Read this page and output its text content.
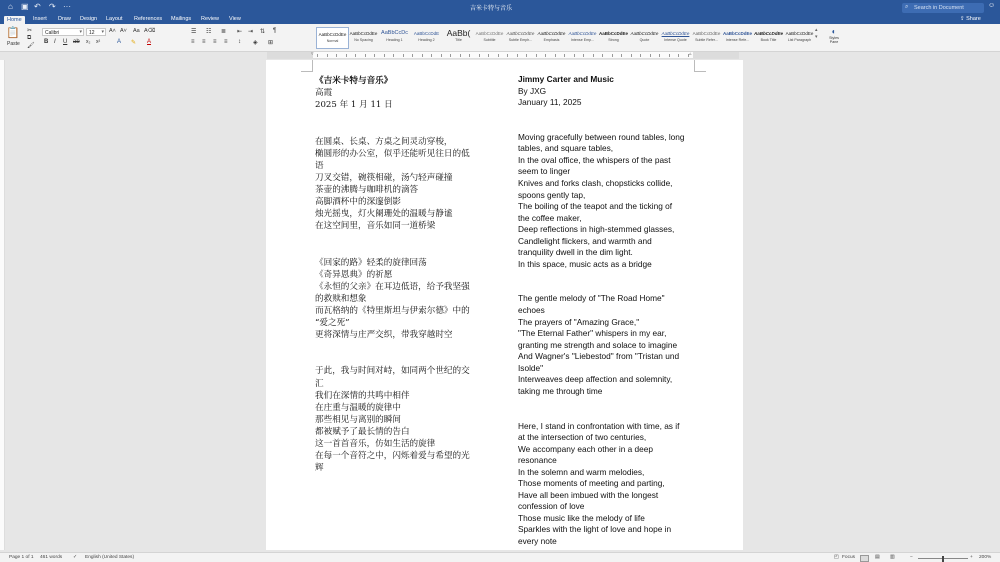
⌂ ▣ ↶ ↷ ···	吉米卡特与音乐	⌕ Search in Document	☺
Home	Insert Draw Design Layout References Mailings Review View	⇪ Share
📋
Paste
✂
⧉
🖌
Calibri	▾	12 ▾ A˄ A˅ Aa A⌫
B I U ab x₂ x²	A ✎ A
☰ ☷ ≣ ⇤ ⇥ ⇅ ¶
≡ ≡ ≡ ≡ ↕ ◈ ⊞
AaBbCcDdEe
Normal
AaBbCcDdEe
No Spacing
AaBbCcDc
Heading 1
AaBbCcDdE
Heading 2
AaBb(
Title
AaBbCcDdEe
Subtitle
AaBbCcDdEe
Subtle Emph...
AaBbCcDdEe
Emphasis
AaBbCcDdEe
Intense Emp...
AaBbCcDdEe
Strong
AaBbCcDdEe
Quote
AaBbCcDdEe
Intense Quote
AaBbCcDdEe
Subtle Refer...
AaBbCcDdEe
Intense Refe...
AaBbCcDdEe
Book Title
AaBbCcDdEe
List Paragraph
▴
▾
◐
Styles Pane
▿	▵
《吉米卡特与音乐》
高霞
2025 年 1 月 11 日
在圆桌、长桌、方桌之间灵动穿梭，
椭圆形的办公室，似乎还能听见往日的低
语
刀叉交错，碗筷相碰，汤勺轻声碰撞
茶壶的沸腾与咖啡机的滴答
高脚酒杯中的深邃倒影
烛光摇曳，灯火阑珊处的温暖与静谧
在这空间里，音乐如同一道桥梁
《回家的路》轻柔的旋律回荡
《奇异恩典》的祈愿
《永恒的父亲》在耳边低语，给予我坚强
的救赎和想象
而瓦格纳的《特里斯坦与伊索尔德》中的
“爱之死”
更将深情与庄严交织，带我穿越时空
于此，我与时间对峙，如同两个世纪的交
汇
我们在深情的共鸣中相伴
在庄重与温暖的旋律中
那些相见与离别的瞬间
都被赋予了最长情的告白
这一首首音乐，仿如生活的旋律
在每一个音符之中，闪烁着爱与希望的光
辉
Jimmy Carter and Music
By JXG
January 11, 2025
Moving gracefully between round tables, long
tables, and square tables,
In the oval office, the whispers of the past
seem to linger
Knives and forks clash, chopsticks collide,
spoons gently tap,
The boiling of the teapot and the ticking of
the coffee maker,
Deep reflections in high-stemmed glasses,
Candlelight flickers, and warmth and
tranquility dwell in the dim light.
In this space, music acts as a bridge
The gentle melody of "The Road Home"
echoes
The prayers of "Amazing Grace,"
"The Eternal Father" whispers in my ear,
granting me strength and solace to imagine
And Wagner's "Liebestod" from "Tristan und
Isolde"
Interweaves deep affection and solemnity,
taking me through time
Here, I stand in confrontation with time, as if
at the intersection of two centuries,
We accompany each other in a deep
resonance
In the solemn and warm melodies,
Those moments of meeting and parting,
Have all been imbued with the longest
confession of love
Those music like the melody of life
Sparkles with the light of love and hope in
every note
Page 1 of 1 461 words ✓ English (United States)	◰ Focus	▤ ▥	−	+ 200%
